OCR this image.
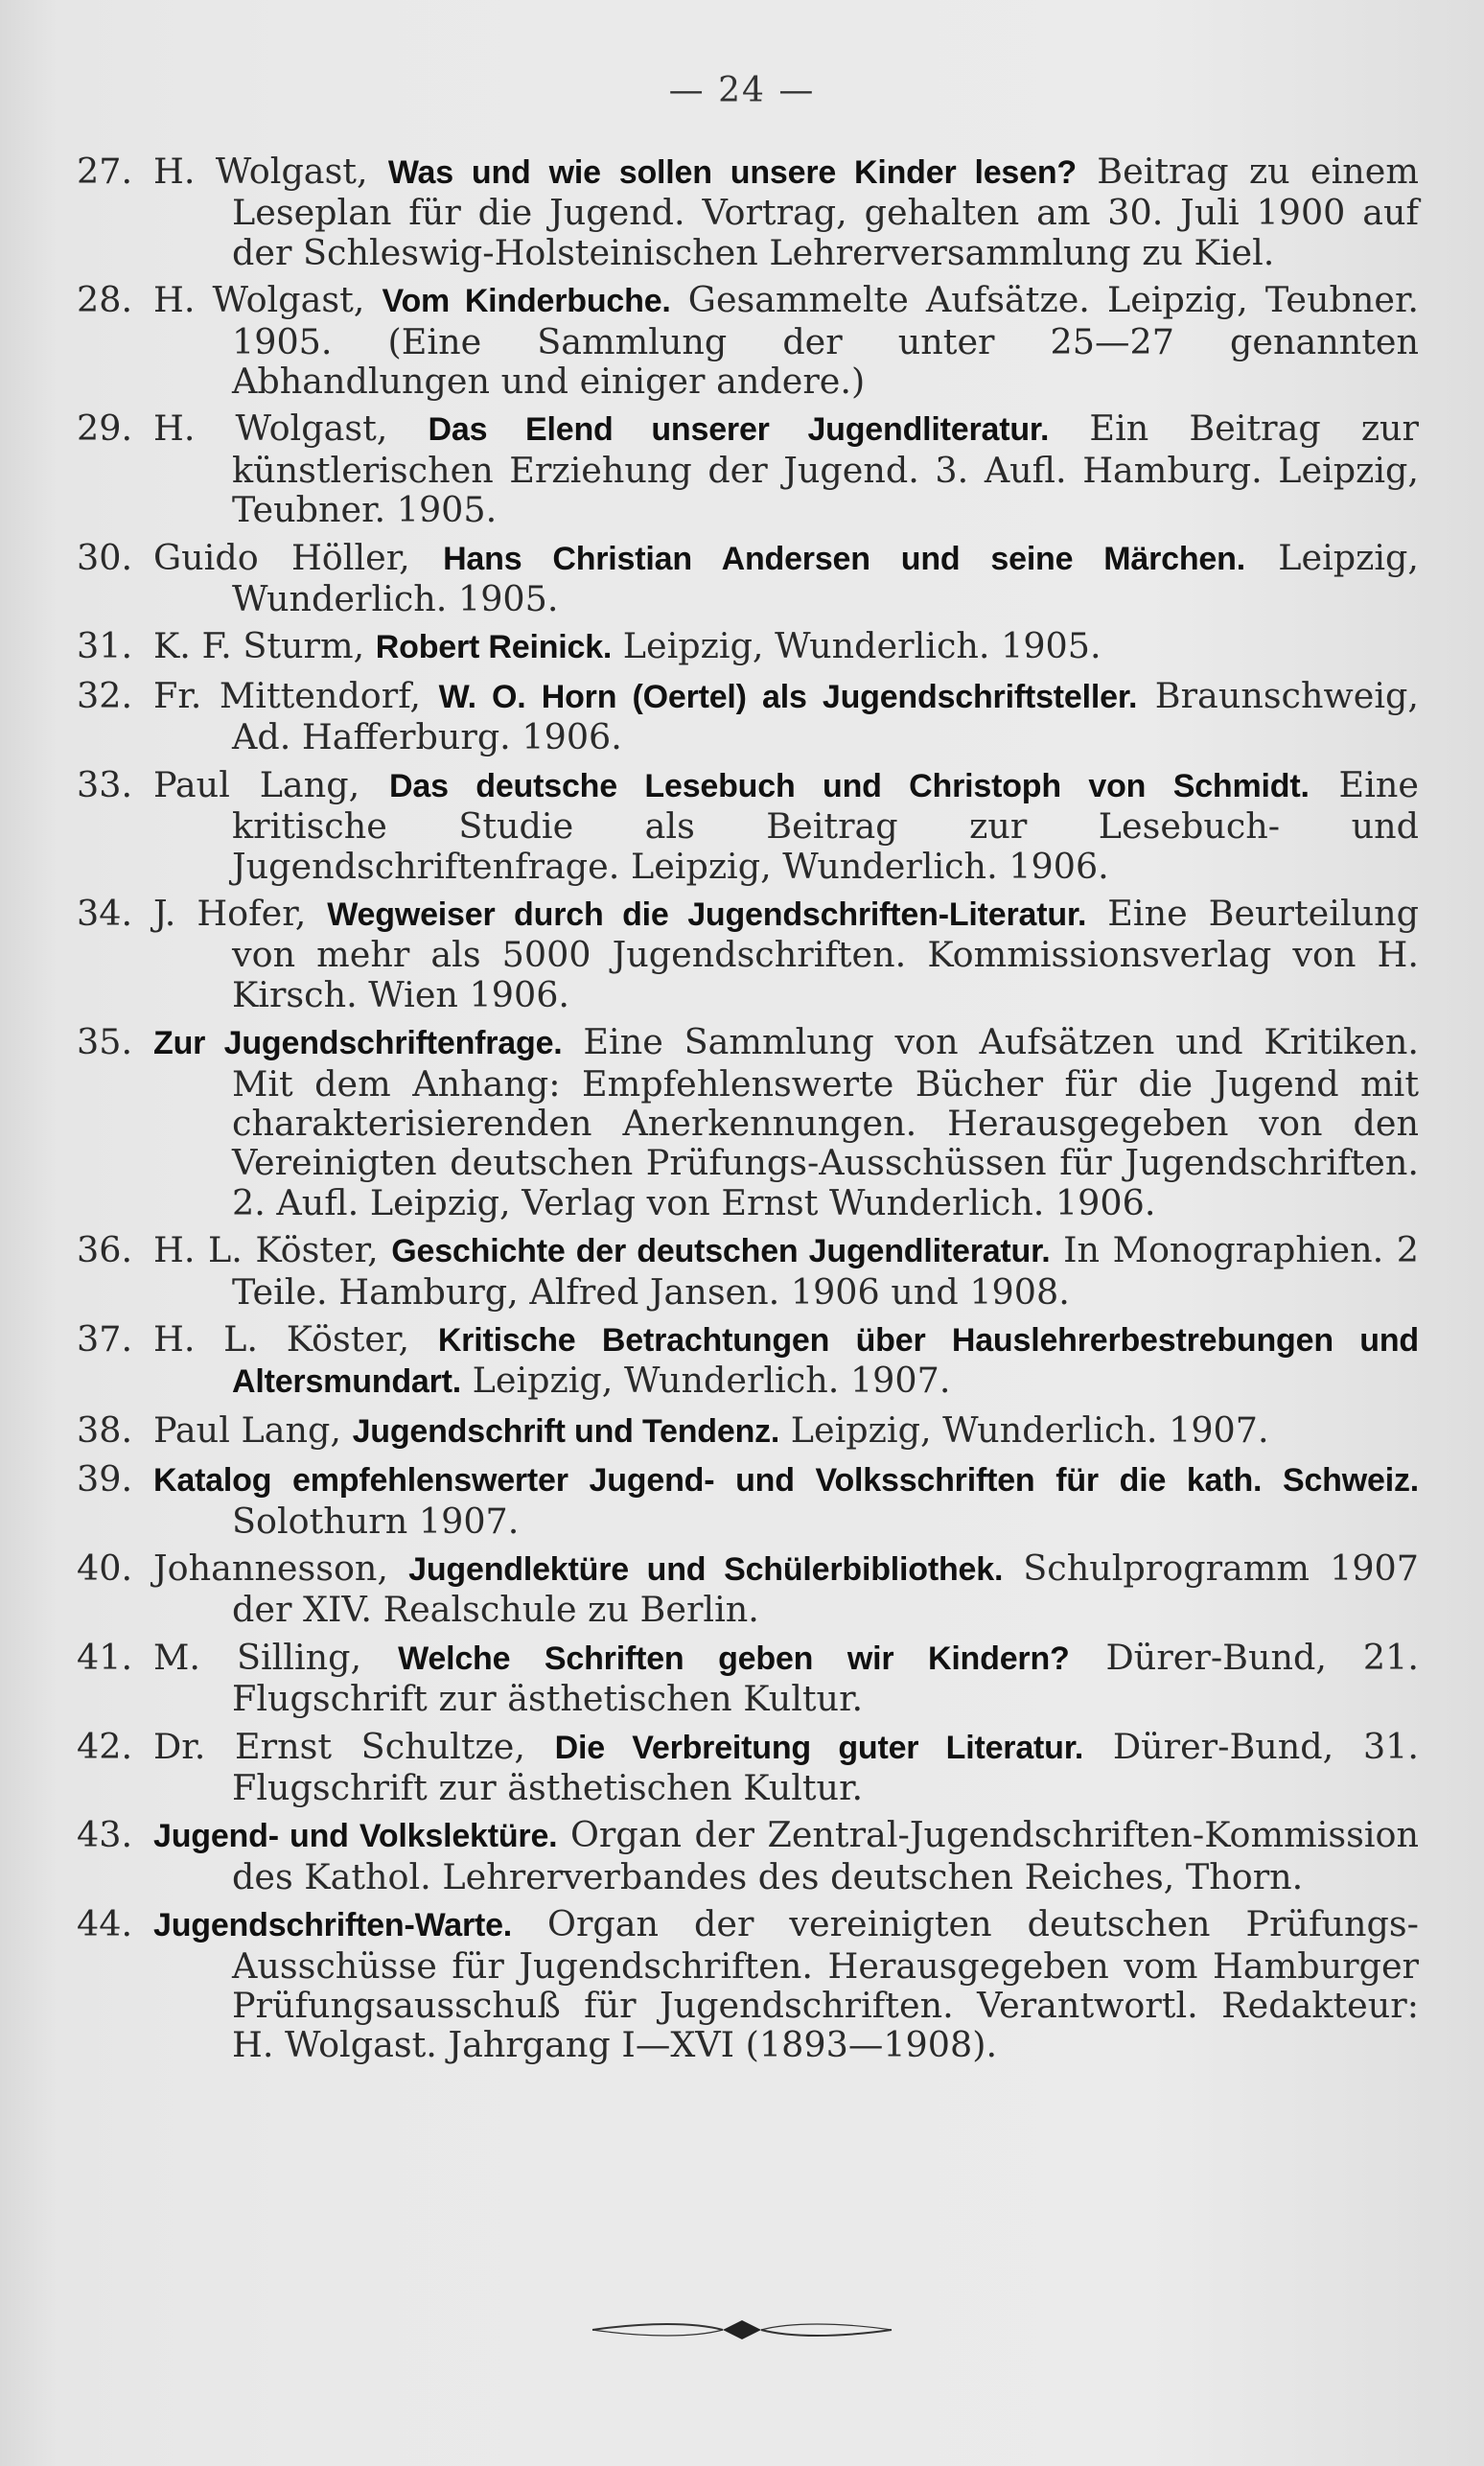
— 24 —
27. H. Wolgast, Was und wie sollen unsere Kinder lesen? Beitrag zu einem Leseplan für die Jugend. Vortrag, gehalten am 30. Juli 1900 auf der Schleswig-Holsteinischen Lehrerversammlung zu Kiel.
28. H. Wolgast, Vom Kinderbuche. Gesammelte Aufsätze. Leipzig, Teubner. 1905. (Eine Sammlung der unter 25—27 genannten Abhandlungen und einiger andere.)
29. H. Wolgast, Das Elend unserer Jugendliteratur. Ein Beitrag zur künstlerischen Erziehung der Jugend. 3. Aufl. Hamburg. Leipzig, Teubner. 1905.
30. Guido Höller, Hans Christian Andersen und seine Märchen. Leipzig, Wunderlich. 1905.
31. K. F. Sturm, Robert Reinick. Leipzig, Wunderlich. 1905.
32. Fr. Mittendorf, W. O. Horn (Oertel) als Jugendschriftsteller. Braunschweig, Ad. Hafferburg. 1906.
33. Paul Lang, Das deutsche Lesebuch und Christoph von Schmidt. Eine kritische Studie als Beitrag zur Lesebuch- und Jugendschriftenfrage. Leipzig, Wunderlich. 1906.
34. J. Hofer, Wegweiser durch die Jugendschriften-Literatur. Eine Beurteilung von mehr als 5000 Jugendschriften. Kommissionsverlag von H. Kirsch. Wien 1906.
35. Zur Jugendschriftenfrage. Eine Sammlung von Aufsätzen und Kritiken. Mit dem Anhang: Empfehlenswerte Bücher für die Jugend mit charakterisierenden Anerkennungen. Herausgegeben von den Vereinigten deutschen Prüfungs-Ausschüssen für Jugendschriften. 2. Aufl. Leipzig, Verlag von Ernst Wunderlich. 1906.
36. H. L. Köster, Geschichte der deutschen Jugendliteratur. In Monographien. 2 Teile. Hamburg, Alfred Jansen. 1906 und 1908.
37. H. L. Köster, Kritische Betrachtungen über Hauslehrerbestrebungen und Altersmundart. Leipzig, Wunderlich. 1907.
38. Paul Lang, Jugendschrift und Tendenz. Leipzig, Wunderlich. 1907.
39. Katalog empfehlenswerter Jugend- und Volksschriften für die kath. Schweiz. Solothurn 1907.
40. Johannesson, Jugendlektüre und Schülerbibliothek. Schulprogramm 1907 der XIV. Realschule zu Berlin.
41. M. Silling, Welche Schriften geben wir Kindern? Dürer-Bund, 21. Flugschrift zur ästhetischen Kultur.
42. Dr. Ernst Schultze, Die Verbreitung guter Literatur. Dürer-Bund, 31. Flugschrift zur ästhetischen Kultur.
43. Jugend- und Volkslektüre. Organ der Zentral-Jugendschriften-Kommission des Kathol. Lehrerverbandes des deutschen Reiches, Thorn.
44. Jugendschriften-Warte. Organ der vereinigten deutschen Prüfungs-Ausschüsse für Jugendschriften. Herausgegeben vom Hamburger Prüfungsausschuß für Jugendschriften. Verantwortl. Redakteur: H. Wolgast. Jahrgang I—XVI (1893—1908).
